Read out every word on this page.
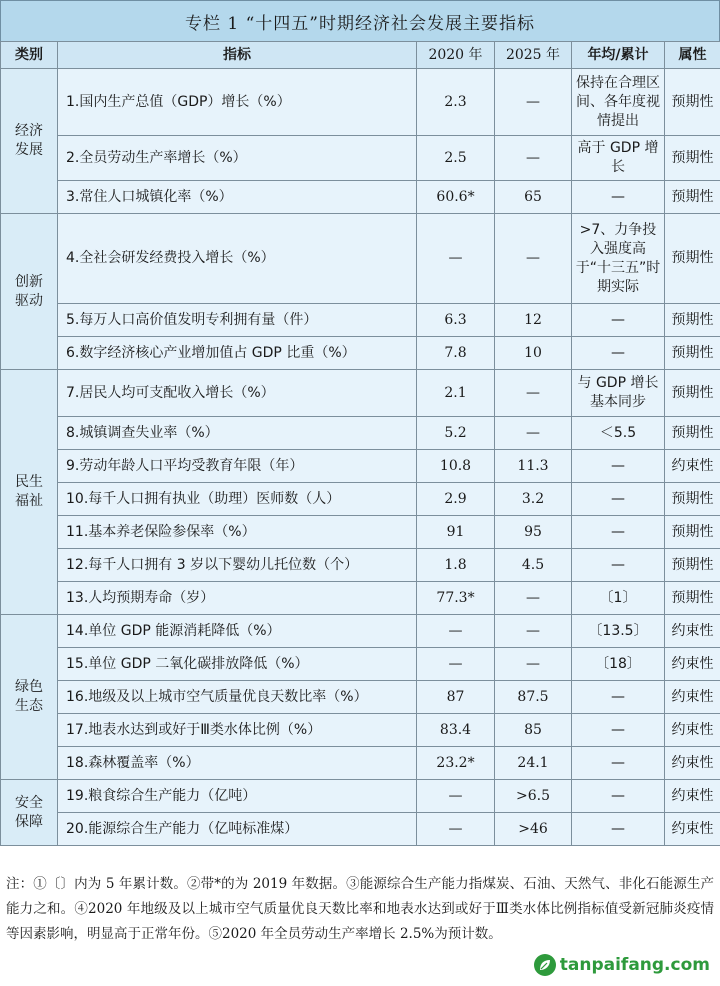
专栏 1 “十四五”时期经济社会发展主要指标
类别	指标	2020 年	2025 年	年均/累计	属性
经济
发展	1.国内生产总值（GDP）增长（%）	2.3	—	保持在合理区间、各年度视情提出	预期性
	2.全员劳动生产率增长（%）	2.5	—	高于 GDP 增长	预期性
	3.常住人口城镇化率（%）	60.6*	65	—	预期性
创新
驱动	4.全社会研发经费投入增长（%）	—	—	>7、力争投入强度高于“十三五”时期实际	预期性
	5.每万人口高价值发明专利拥有量（件）	6.3	12	—	预期性
	6.数字经济核心产业增加值占 GDP 比重（%）	7.8	10	—	预期性
民生
福祉	7.居民人均可支配收入增长（%）	2.1	—	与 GDP 增长基本同步	预期性
	8.城镇调查失业率（%）	5.2	—	＜5.5	预期性
	9.劳动年龄人口平均受教育年限（年）	10.8	11.3	—	约束性
	10.每千人口拥有执业（助理）医师数（人）	2.9	3.2	—	预期性
	11.基本养老保险参保率（%）	91	95	—	预期性
	12.每千人口拥有 3 岁以下婴幼儿托位数（个）	1.8	4.5	—	预期性
	13.人均预期寿命（岁）	77.3*	—	〔1〕	预期性
绿色
生态	14.单位 GDP 能源消耗降低（%）	—	—	〔13.5〕	约束性
	15.单位 GDP 二氧化碳排放降低（%）	—	—	〔18〕	约束性
	16.地级及以上城市空气质量优良天数比率（%）	87	87.5	—	约束性
	17.地表水达到或好于Ⅲ类水体比例（%）	83.4	85	—	约束性
	18.森林覆盖率（%）	23.2*	24.1	—	约束性
安全
保障	19.粮食综合生产能力（亿吨）	—	>6.5	—	约束性
	20.能源综合生产能力（亿吨标准煤）	—	>46	—	约束性
注：①〔〕内为 5 年累计数。②带*的为 2019 年数据。③能源综合生产能力指煤炭、石油、天然气、非化石能源生产能力之和。④2020 年地级及以上城市空气质量优良天数比率和地表水达到或好于Ⅲ类水体比例指标值受新冠肺炎疫情等因素影响，明显高于正常年份。⑤2020 年全员劳动生产率增长 2.5%为预计数。
tanpaifang.com
